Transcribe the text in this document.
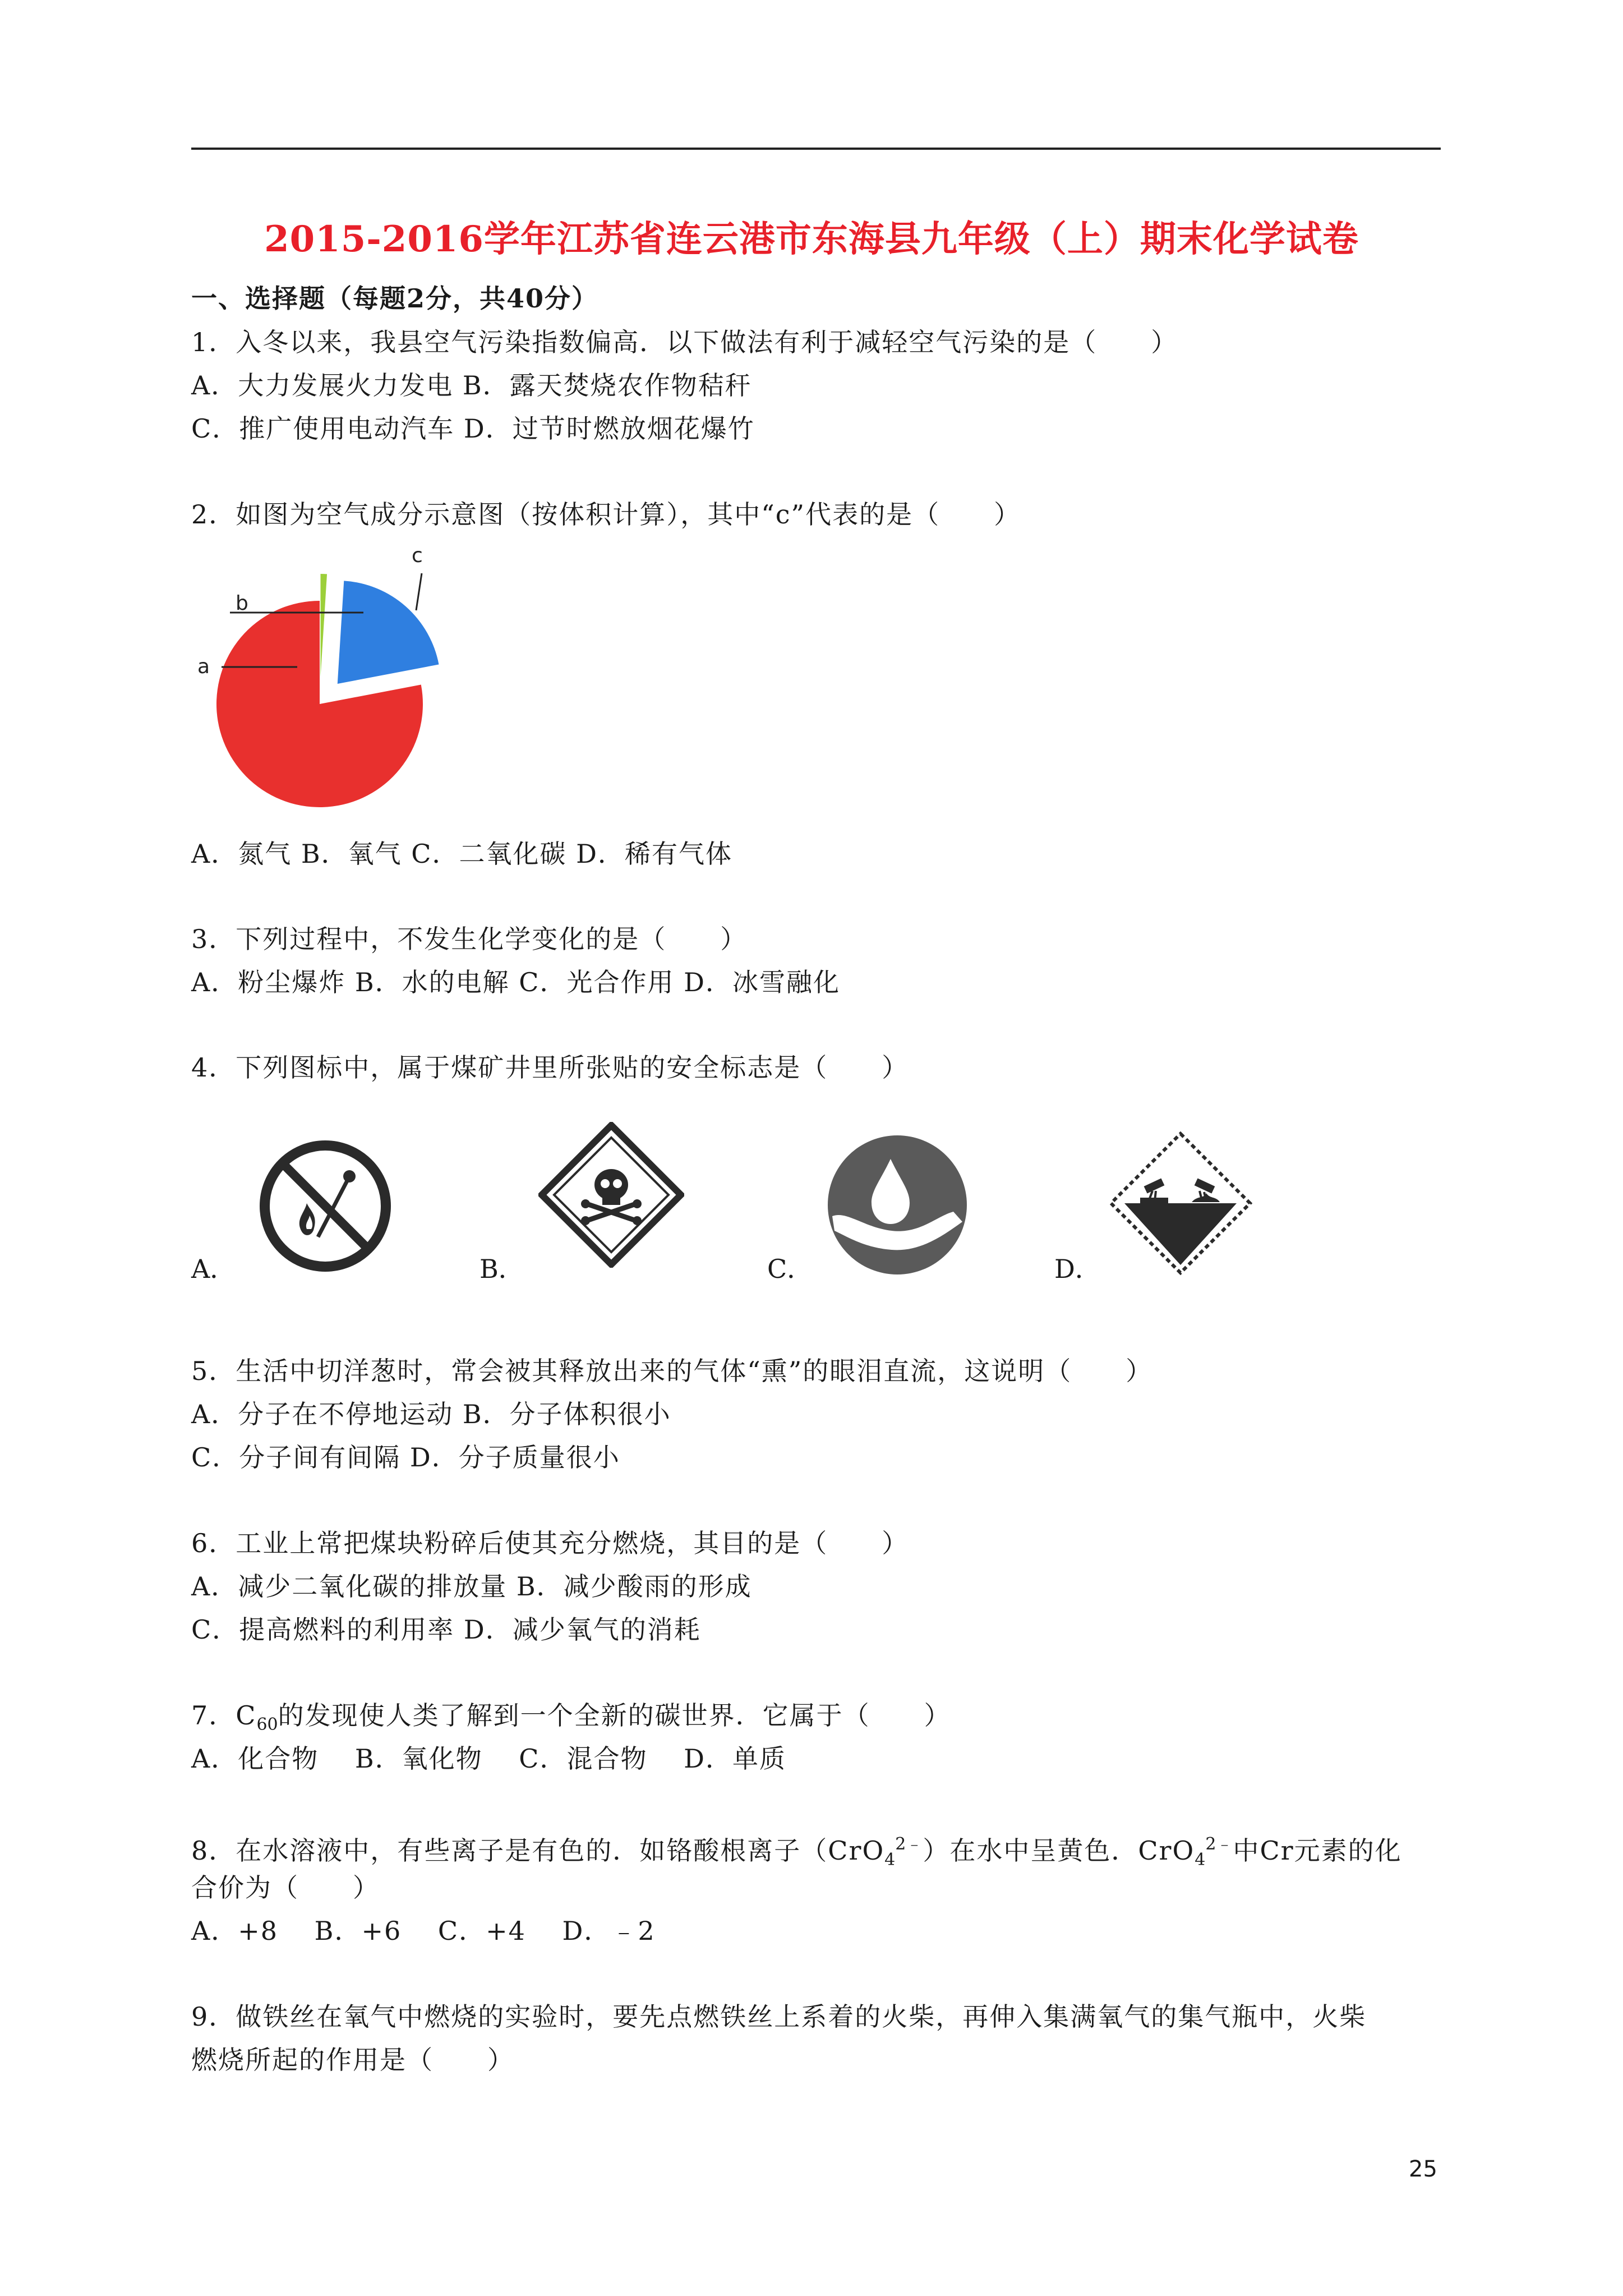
2015-2016学年江苏省连云港市东海县九年级（上）期末化学试卷
一、选择题（每题2分，共40分）
1．入冬以来，我县空气污染指数偏高．以下做法有利于减轻空气污染的是（　　）
A．大力发展火力发电 B．露天焚烧农作物秸秆
C．推广使用电动汽车 D．过节时燃放烟花爆竹
2．如图为空气成分示意图（按体积计算），其中“c”代表的是（　　）
a
b
c
A．氮气 B．氧气 C．二氧化碳 D．稀有气体
3．下列过程中，不发生化学变化的是（　　）
A．粉尘爆炸 B．水的电解 C．光合作用 D．冰雪融化
4．下列图标中，属于煤矿井里所张贴的安全标志是（　　）
A．	B．	C．	D．
5．生活中切洋葱时，常会被其释放出来的气体“熏”的眼泪直流，这说明（　　）
A．分子在不停地运动 B．分子体积很小
C．分子间有间隔 D．分子质量很小
6．工业上常把煤块粉碎后使其充分燃烧，其目的是（　　）
A．减少二氧化碳的排放量 B．减少酸雨的形成
C．提高燃料的利用率 D．减少氧气的消耗
7．$C_{60}$的发现使人类了解到一个全新的碳世界．它属于（　　）
A．化合物　 B．氧化物　 C．混合物　 D．单质
8．在水溶液中，有些离子是有色的．如铬酸根离子（CrO$_4^{2﹣}$）在水中呈黄色．CrO$_4^{2﹣}$中Cr元素的化
合价为（　　）
A．+8　 B．+6　 C．+4　 D．﹣2
9．做铁丝在氧气中燃烧的实验时，要先点燃铁丝上系着的火柴，再伸入集满氧气的集气瓶中，火柴
燃烧所起的作用是（　　）
25
